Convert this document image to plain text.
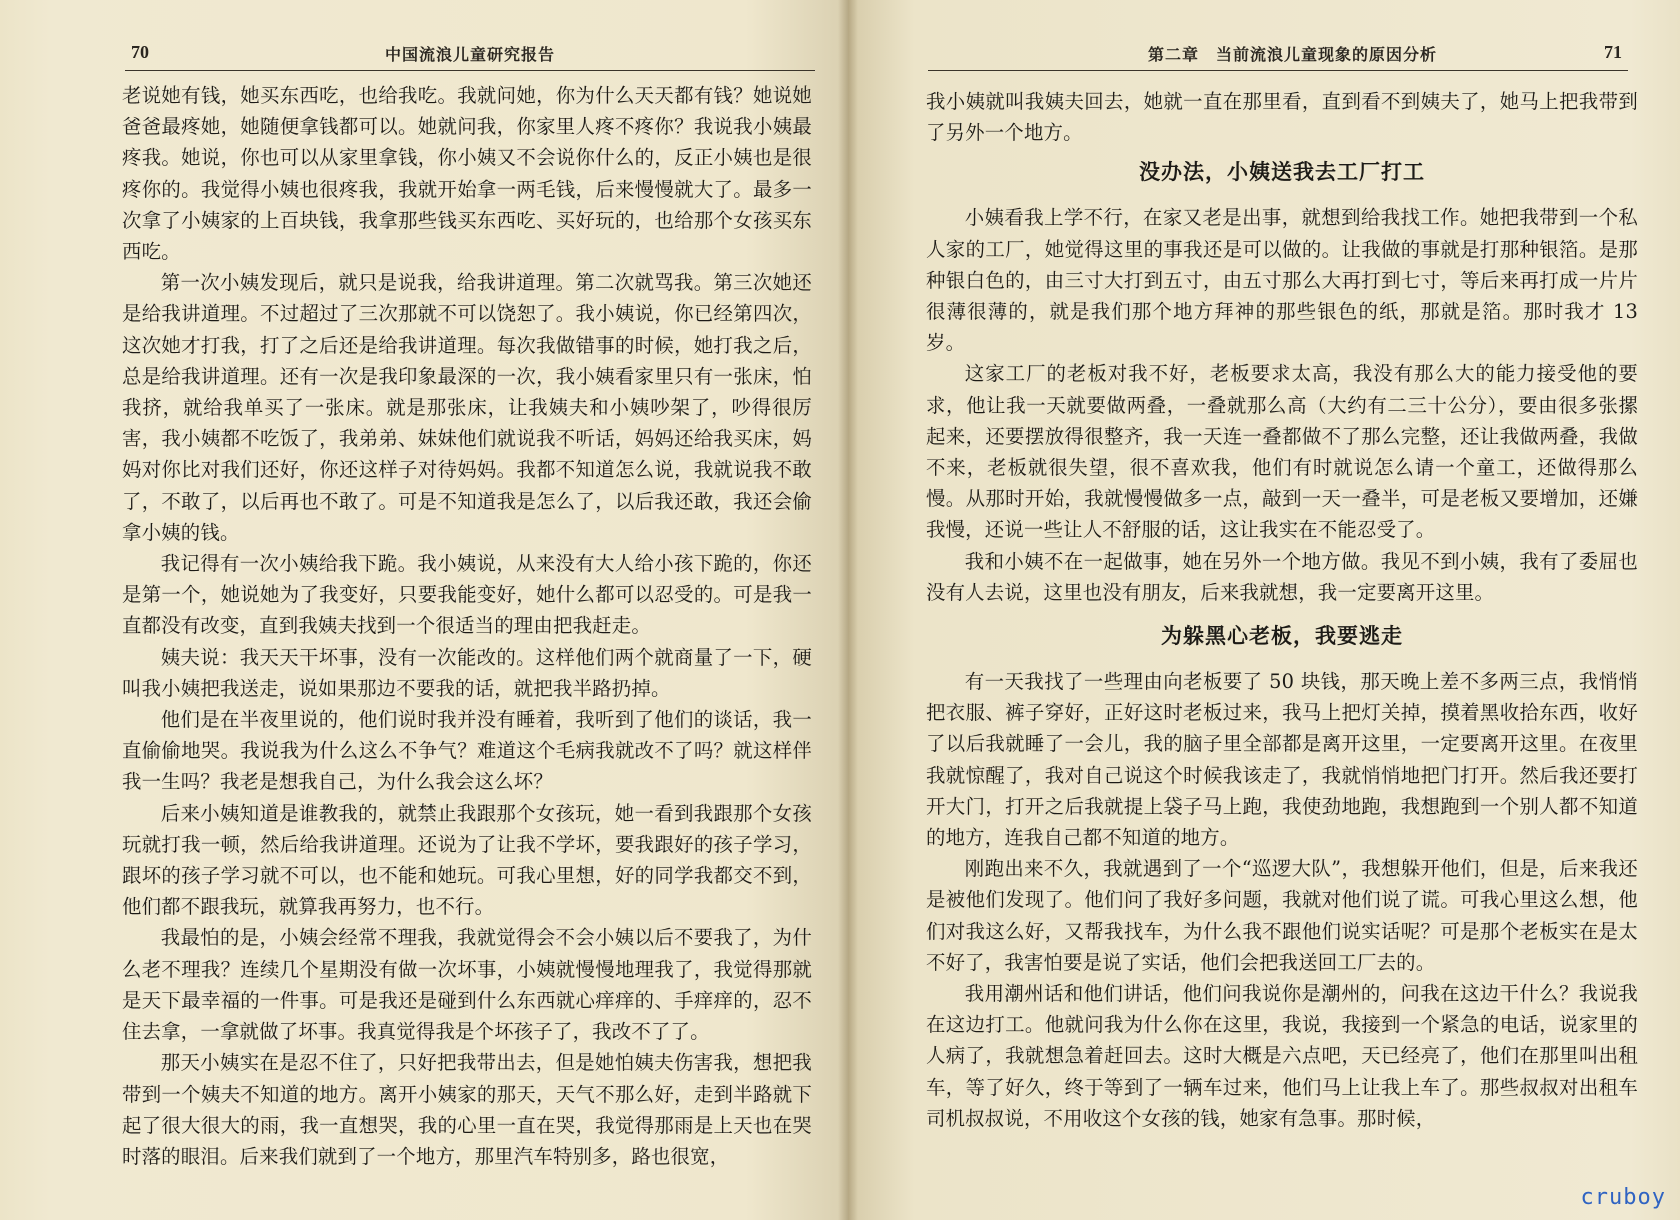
70	中国流浪儿童研究报告

老说她有钱，她买东西吃，也给我吃。我就问她，你为什么天天都有钱？她说她爸爸最疼她，她随便拿钱都可以。她就问我，你家里人疼不疼你？我说我小姨最疼我。她说，你也可以从家里拿钱，你小姨又不会说你什么的，反正小姨也是很疼你的。我觉得小姨也很疼我，我就开始拿一两毛钱，后来慢慢就大了。最多一次拿了小姨家的上百块钱，我拿那些钱买东西吃、买好玩的，也给那个女孩买东西吃。

第一次小姨发现后，就只是说我，给我讲道理。第二次就骂我。第三次她还是给我讲道理。不过超过了三次那就不可以饶恕了。我小姨说，你已经第四次，这次她才打我，打了之后还是给我讲道理。每次我做错事的时候，她打我之后，总是给我讲道理。还有一次是我印象最深的一次，我小姨看家里只有一张床，怕我挤，就给我单买了一张床。就是那张床，让我姨夫和小姨吵架了，吵得很厉害，我小姨都不吃饭了，我弟弟、妹妹他们就说我不听话，妈妈还给我买床，妈妈对你比对我们还好，你还这样子对待妈妈。我都不知道怎么说，我就说我不敢了，不敢了，以后再也不敢了。可是不知道我是怎么了，以后我还敢，我还会偷拿小姨的钱。

我记得有一次小姨给我下跪。我小姨说，从来没有大人给小孩下跪的，你还是第一个，她说她为了我变好，只要我能变好，她什么都可以忍受的。可是我一直都没有改变，直到我姨夫找到一个很适当的理由把我赶走。

姨夫说：我天天干坏事，没有一次能改的。这样他们两个就商量了一下，硬叫我小姨把我送走，说如果那边不要我的话，就把我半路扔掉。

他们是在半夜里说的，他们说时我并没有睡着，我听到了他们的谈话，我一直偷偷地哭。我说我为什么这么不争气？难道这个毛病我就改不了吗？就这样伴我一生吗？我老是想我自己，为什么我会这么坏？

后来小姨知道是谁教我的，就禁止我跟那个女孩玩，她一看到我跟那个女孩玩就打我一顿，然后给我讲道理。还说为了让我不学坏，要我跟好的孩子学习，跟坏的孩子学习就不可以，也不能和她玩。可我心里想，好的同学我都交不到，他们都不跟我玩，就算我再努力，也不行。

我最怕的是，小姨会经常不理我，我就觉得会不会小姨以后不要我了，为什么老不理我？连续几个星期没有做一次坏事，小姨就慢慢地理我了，我觉得那就是天下最幸福的一件事。可是我还是碰到什么东西就心痒痒的、手痒痒的，忍不住去拿，一拿就做了坏事。我真觉得我是个坏孩子了，我改不了了。

那天小姨实在是忍不住了，只好把我带出去，但是她怕姨夫伤害我，想把我带到一个姨夫不知道的地方。离开小姨家的那天，天气不那么好，走到半路就下起了很大很大的雨，我一直想哭，我的心里一直在哭，我觉得那雨是上天也在哭时落的眼泪。后来我们就到了一个地方，那里汽车特别多，路也很宽，

第二章　当前流浪儿童现象的原因分析	71

我小姨就叫我姨夫回去，她就一直在那里看，直到看不到姨夫了，她马上把我带到了另外一个地方。

没办法，小姨送我去工厂打工

小姨看我上学不行，在家又老是出事，就想到给我找工作。她把我带到一个私人家的工厂，她觉得这里的事我还是可以做的。让我做的事就是打那种银箔。是那种银白色的，由三寸大打到五寸，由五寸那么大再打到七寸，等后来再打成一片片很薄很薄的，就是我们那个地方拜神的那些银色的纸，那就是箔。那时我才 13 岁。

这家工厂的老板对我不好，老板要求太高，我没有那么大的能力接受他的要求，他让我一天就要做两叠，一叠就那么高（大约有二三十公分），要由很多张摞起来，还要摆放得很整齐，我一天连一叠都做不了那么完整，还让我做两叠，我做不来，老板就很失望，很不喜欢我，他们有时就说怎么请一个童工，还做得那么慢。从那时开始，我就慢慢做多一点，敲到一天一叠半，可是老板又要增加，还嫌我慢，还说一些让人不舒服的话，这让我实在不能忍受了。

我和小姨不在一起做事，她在另外一个地方做。我见不到小姨，我有了委屈也没有人去说，这里也没有朋友，后来我就想，我一定要离开这里。

为躲黑心老板，我要逃走

有一天我找了一些理由向老板要了 50 块钱，那天晚上差不多两三点，我悄悄把衣服、裤子穿好，正好这时老板过来，我马上把灯关掉，摸着黑收拾东西，收好了以后我就睡了一会儿，我的脑子里全部都是离开这里，一定要离开这里。在夜里我就惊醒了，我对自己说这个时候我该走了，我就悄悄地把门打开。然后我还要打开大门，打开之后我就提上袋子马上跑，我使劲地跑，我想跑到一个别人都不知道的地方，连我自己都不知道的地方。

刚跑出来不久，我就遇到了一个“巡逻大队”，我想躲开他们，但是，后来我还是被他们发现了。他们问了我好多问题，我就对他们说了谎。可我心里这么想，他们对我这么好，又帮我找车，为什么我不跟他们说实话呢？可是那个老板实在是太不好了，我害怕要是说了实话，他们会把我送回工厂去的。

我用潮州话和他们讲话，他们问我说你是潮州的，问我在这边干什么？我说我在这边打工。他就问我为什么你在这里，我说，我接到一个紧急的电话，说家里的人病了，我就想急着赶回去。这时大概是六点吧，天已经亮了，他们在那里叫出租车，等了好久，终于等到了一辆车过来，他们马上让我上车了。那些叔叔对出租车司机叔叔说，不用收这个女孩的钱，她家有急事。那时候，

cruboy
